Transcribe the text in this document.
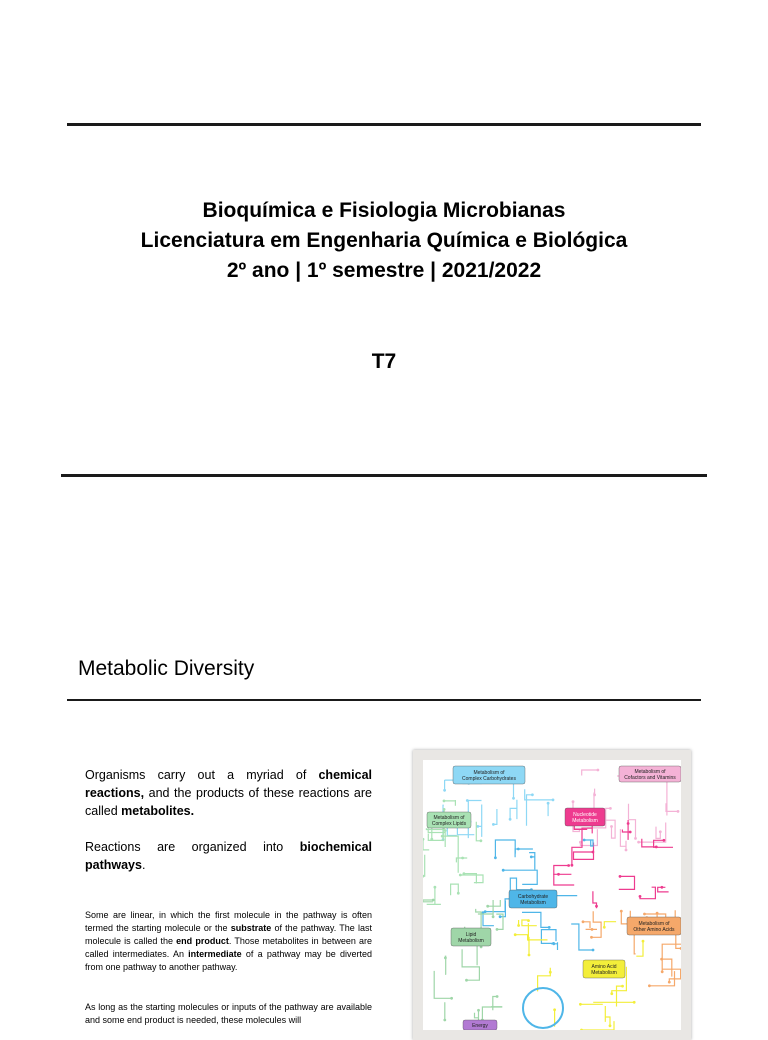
Bioquímica e Fisiologia Microbianas
Licenciatura em Engenharia Química e Biológica
2º ano | 1º semestre | 2021/2022
T7
Metabolic Diversity
Organisms carry out a myriad of chemical reactions, and the products of these reactions are called metabolites.
Reactions are organized into biochemical pathways.
Some are linear, in which the first molecule in the pathway is often termed the starting molecule or the substrate of the pathway. The last molecule is called the end product. Those metabolites in between are called intermediates. An intermediate of a pathway may be diverted from one pathway to another pathway.

As long as the starting molecules or inputs of the pathway are available and some end product is needed, these molecules will

Metabolism of
Complex Carbohydrates
Metabolism of
Cofactors and Vitamins
Metabolism of
Complex Lipids
Nucleotide
Metabolism
Carbohydrate
Metabolism
Lipid
Metabolism
Metabolism of
Other Amino Acids
Amino Acid
Metabolism
Energy
